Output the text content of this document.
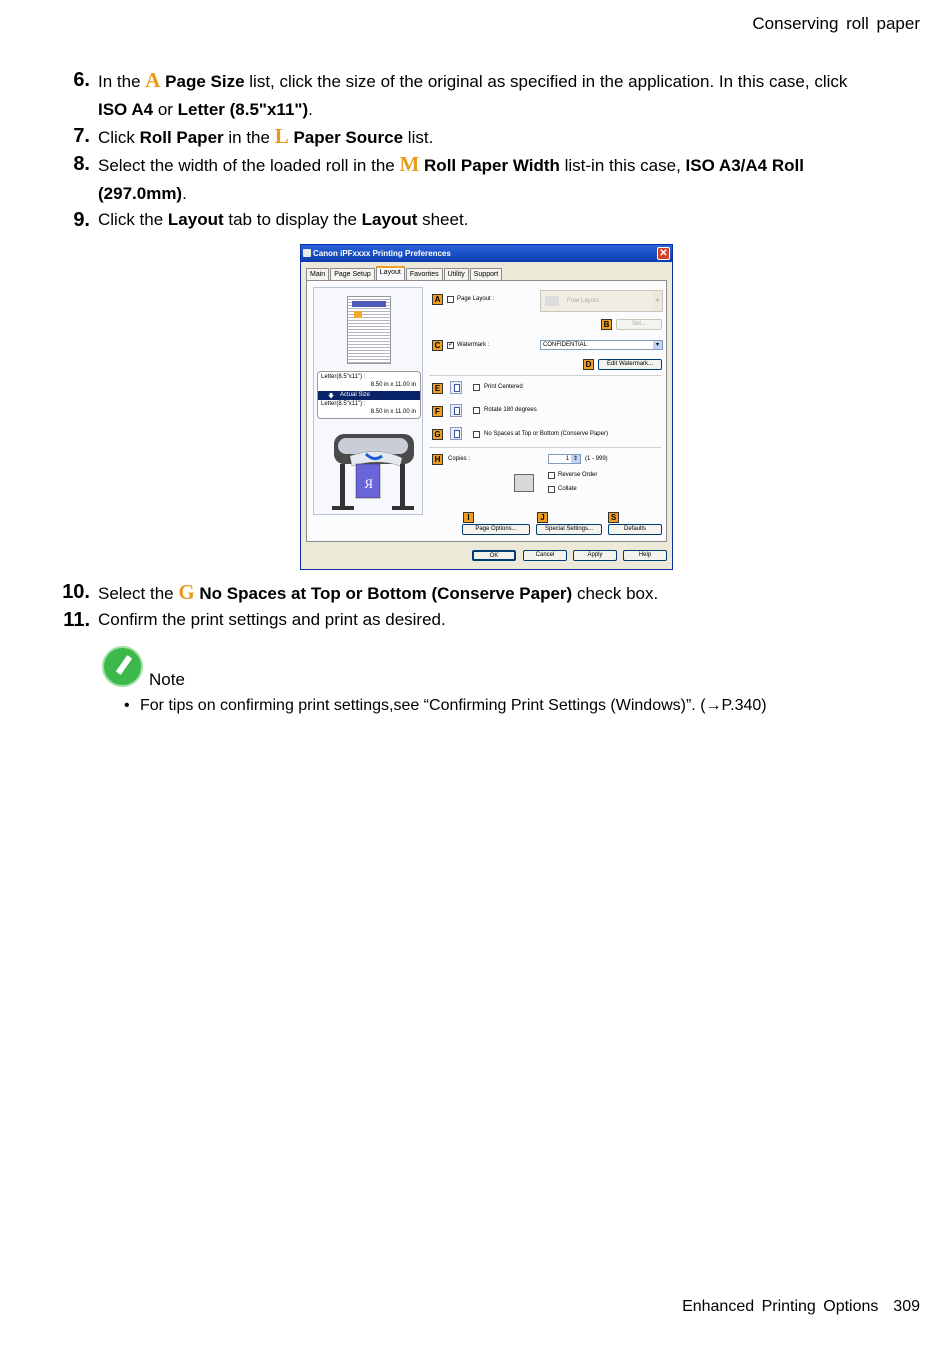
Conserving roll paper
6. In the A Page Size list, click the size of the original as specified in the application. In this case, click ISO A4 or Letter (8.5"x11").
7. Click Roll Paper in the L Paper Source list.
8. Select the width of the loaded roll in the M Roll Paper Width list-in this case, ISO A3/A4 Roll (297.0mm).
9. Click the Layout tab to display the Layout sheet.
Canon iPFxxxx Printing Preferences	✕
Main	Page Setup	Layout	Favorites	Utility	Support
Letter(8.5"x11") :
8.50 in x 11.00 in
🡇 Actual Size
Letter(8.5"x11") :
8.50 in x 11.00 in
R
A	Page Layout :	Free Layout	▾
B	Set...
C
✓	Watermark :	CONFIDENTIAL	▾
D	Edit Watermark...
E	Print Centered
F	Rotate 180 degrees
G	No Spaces at Top or Bottom (Conserve Paper)
H	Copies :	1 ⇕	(1 - 999)
Reverse Order
Collate
I
Page Options...
J
Special Settings...
S
Defaults
OK	Cancel	Apply	Help
10. Select the G No Spaces at Top or Bottom (Conserve Paper) check box.
11. Confirm the print settings and print as desired.
Note
• For tips on confirming print settings,see “Confirming Print Settings (Windows)”. (→P.340)
Enhanced Printing Options 309
